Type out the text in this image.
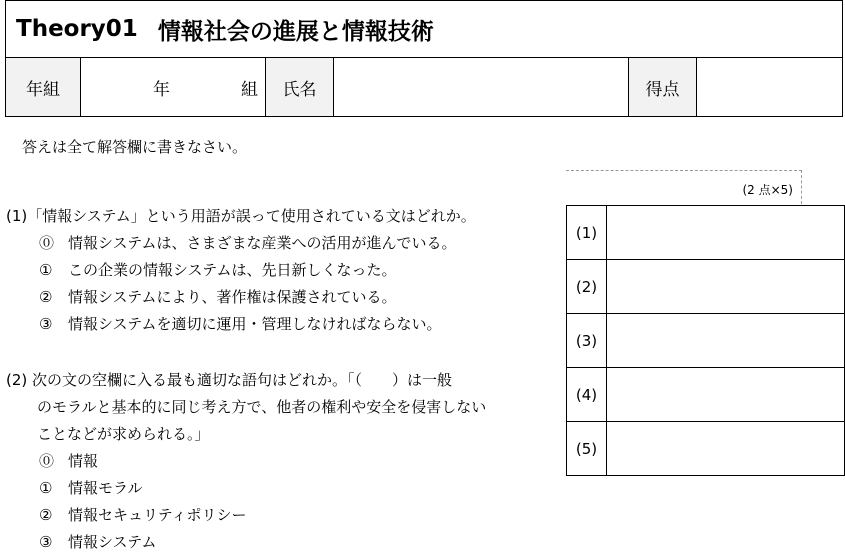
Theory01 情報社会の進展と情報技術
年組	年	組	氏名	得点
答えは全て解答欄に書きなさい。
(2 点×5)
(1)
(2)
(3)
(4)
(5)
(1)「情報システム」という用語が誤って使用されている文はどれか。
⓪ 情報システムは、さまざまな産業への活用が進んでいる。
① この企業の情報システムは、先日新しくなった。
② 情報システムにより、著作権は保護されている。
③ 情報システムを適切に運用・管理しなければならない。
(2) 次の文の空欄に入る最も適切な語句はどれか。「（　　）は一般
のモラルと基本的に同じ考え方で、他者の権利や安全を侵害しない
ことなどが求められる。」
⓪ 情報
① 情報モラル
② 情報セキュリティポリシー
③ 情報システム
